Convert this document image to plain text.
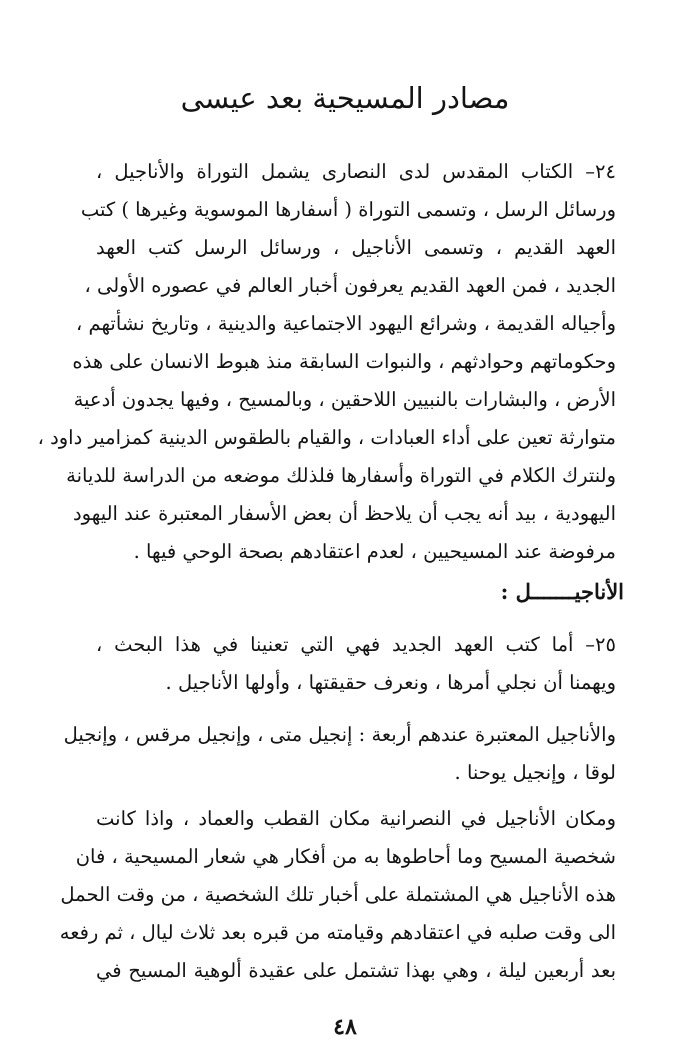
مصادر المسيحية بعد عيسى
٢٤– الكتاب المقدس لدى النصارى يشمل التوراة والأناجيل ،
ورسائل الرسل ، وتسمى التوراة ( أسفارها الموسوية وغيرها ) كتب
العهد القديم ، وتسمى الأناجيل ، ورسائل الرسل كتب العهد
الجديد ، فمن العهد القديم يعرفون أخبار العالم في عصوره الأولى ،
وأجياله القديمة ، وشرائع اليهود الاجتماعية والدينية ، وتاريخ نشأتهم ،
وحكوماتهم وحوادثهم ، والنبوات السابقة منذ هبوط الانسان على هذه
الأرض ، والبشارات بالنبيين اللاحقين ، وبالمسيح ، وفيها يجدون أدعية
متوارثة تعين على أداء العبادات ، والقيام بالطقوس الدينية كمزامير داود ،
ولنترك الكلام في التوراة وأسفارها فلذلك موضعه من الدراسة للديانة
اليهودية ، بيد أنه يجب أن يلاحظ أن بعض الأسفار المعتبرة عند اليهود
مرفوضة عند المسيحيين ، لعدم اعتقادهم بصحة الوحي فيها .
الأناجيـــــــل :
٢٥– أما كتب العهد الجديد فهي التي تعنينا في هذا البحث ،
ويهمنا أن نجلي أمرها ، ونعرف حقيقتها ، وأولها الأناجيل .
والأناجيل المعتبرة عندهم أربعة : إنجيل متى ، وإنجيل مرقس ، وإنجيل
لوقا ، وإنجيل يوحنا .
ومكان الأناجيل في النصرانية مكان القطب والعماد ، واذا كانت
شخصية المسيح وما أحاطوها به من أفكار هي شعار المسيحية ، فان
هذه الأناجيل هي المشتملة على أخبار تلك الشخصية ، من وقت الحمل
الى وقت صلبه في اعتقادهم وقيامته من قبره بعد ثلاث ليال ، ثم رفعه
بعد أربعين ليلة ، وهي بهذا تشتمل على عقيدة ألوهية المسيح في
٤٨
